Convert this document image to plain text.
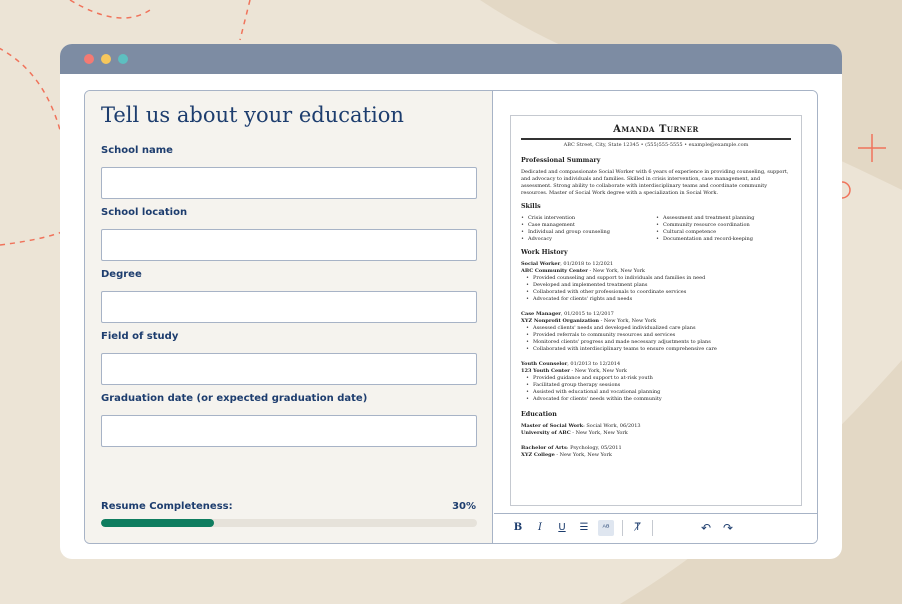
Tell us about your education
School name
School location
Degree
Field of study
Graduation date (or expected graduation date)
Resume Completeness:	30%
Amanda Turner
ABC Street, City, State 12345 • (555)555-5555 • example@example.com
Professional Summary
Dedicated and compassionate Social Worker with 6 years of experience in providing counseling, support, and advocacy to individuals and families. Skilled in crisis intervention, case management, and assessment. Strong ability to collaborate with interdisciplinary teams and coordinate community resources. Master of Social Work degree with a specialization in Social Work.
Skills
• Crisis intervention	• Assessment and treatment planning
• Case management	• Community resource coordination
• Individual and group counseling	• Cultural competence
• Advocacy	• Documentation and record-keeping
Work History
Social Worker, 01/2018 to 12/2021
ABC Community Center - New York, New York
• Provided counseling and support to individuals and families in need
• Developed and implemented treatment plans
• Collaborated with other professionals to coordinate services
• Advocated for clients' rights and needs
Case Manager, 01/2015 to 12/2017
XYZ Nonprofit Organization - New York, New York
• Assessed clients' needs and developed individualized care plans
• Provided referrals to community resources and services
• Monitored clients' progress and made necessary adjustments to plans
• Collaborated with interdisciplinary teams to ensure comprehensive care
Youth Counselor, 01/2013 to 12/2014
123 Youth Center - New York, New York
• Provided guidance and support to at-risk youth
• Facilitated group therapy sessions
• Assisted with educational and vocational planning
• Advocated for clients' needs within the community
Education
Master of Social Work: Social Work, 06/2013
University of ABC - New York, New York
Bachelor of Arts: Psychology, 05/2011
XYZ College - New York, New York
B	I	U	☰	ᴬᴮ	Ꭲ̸	↶ ↷
